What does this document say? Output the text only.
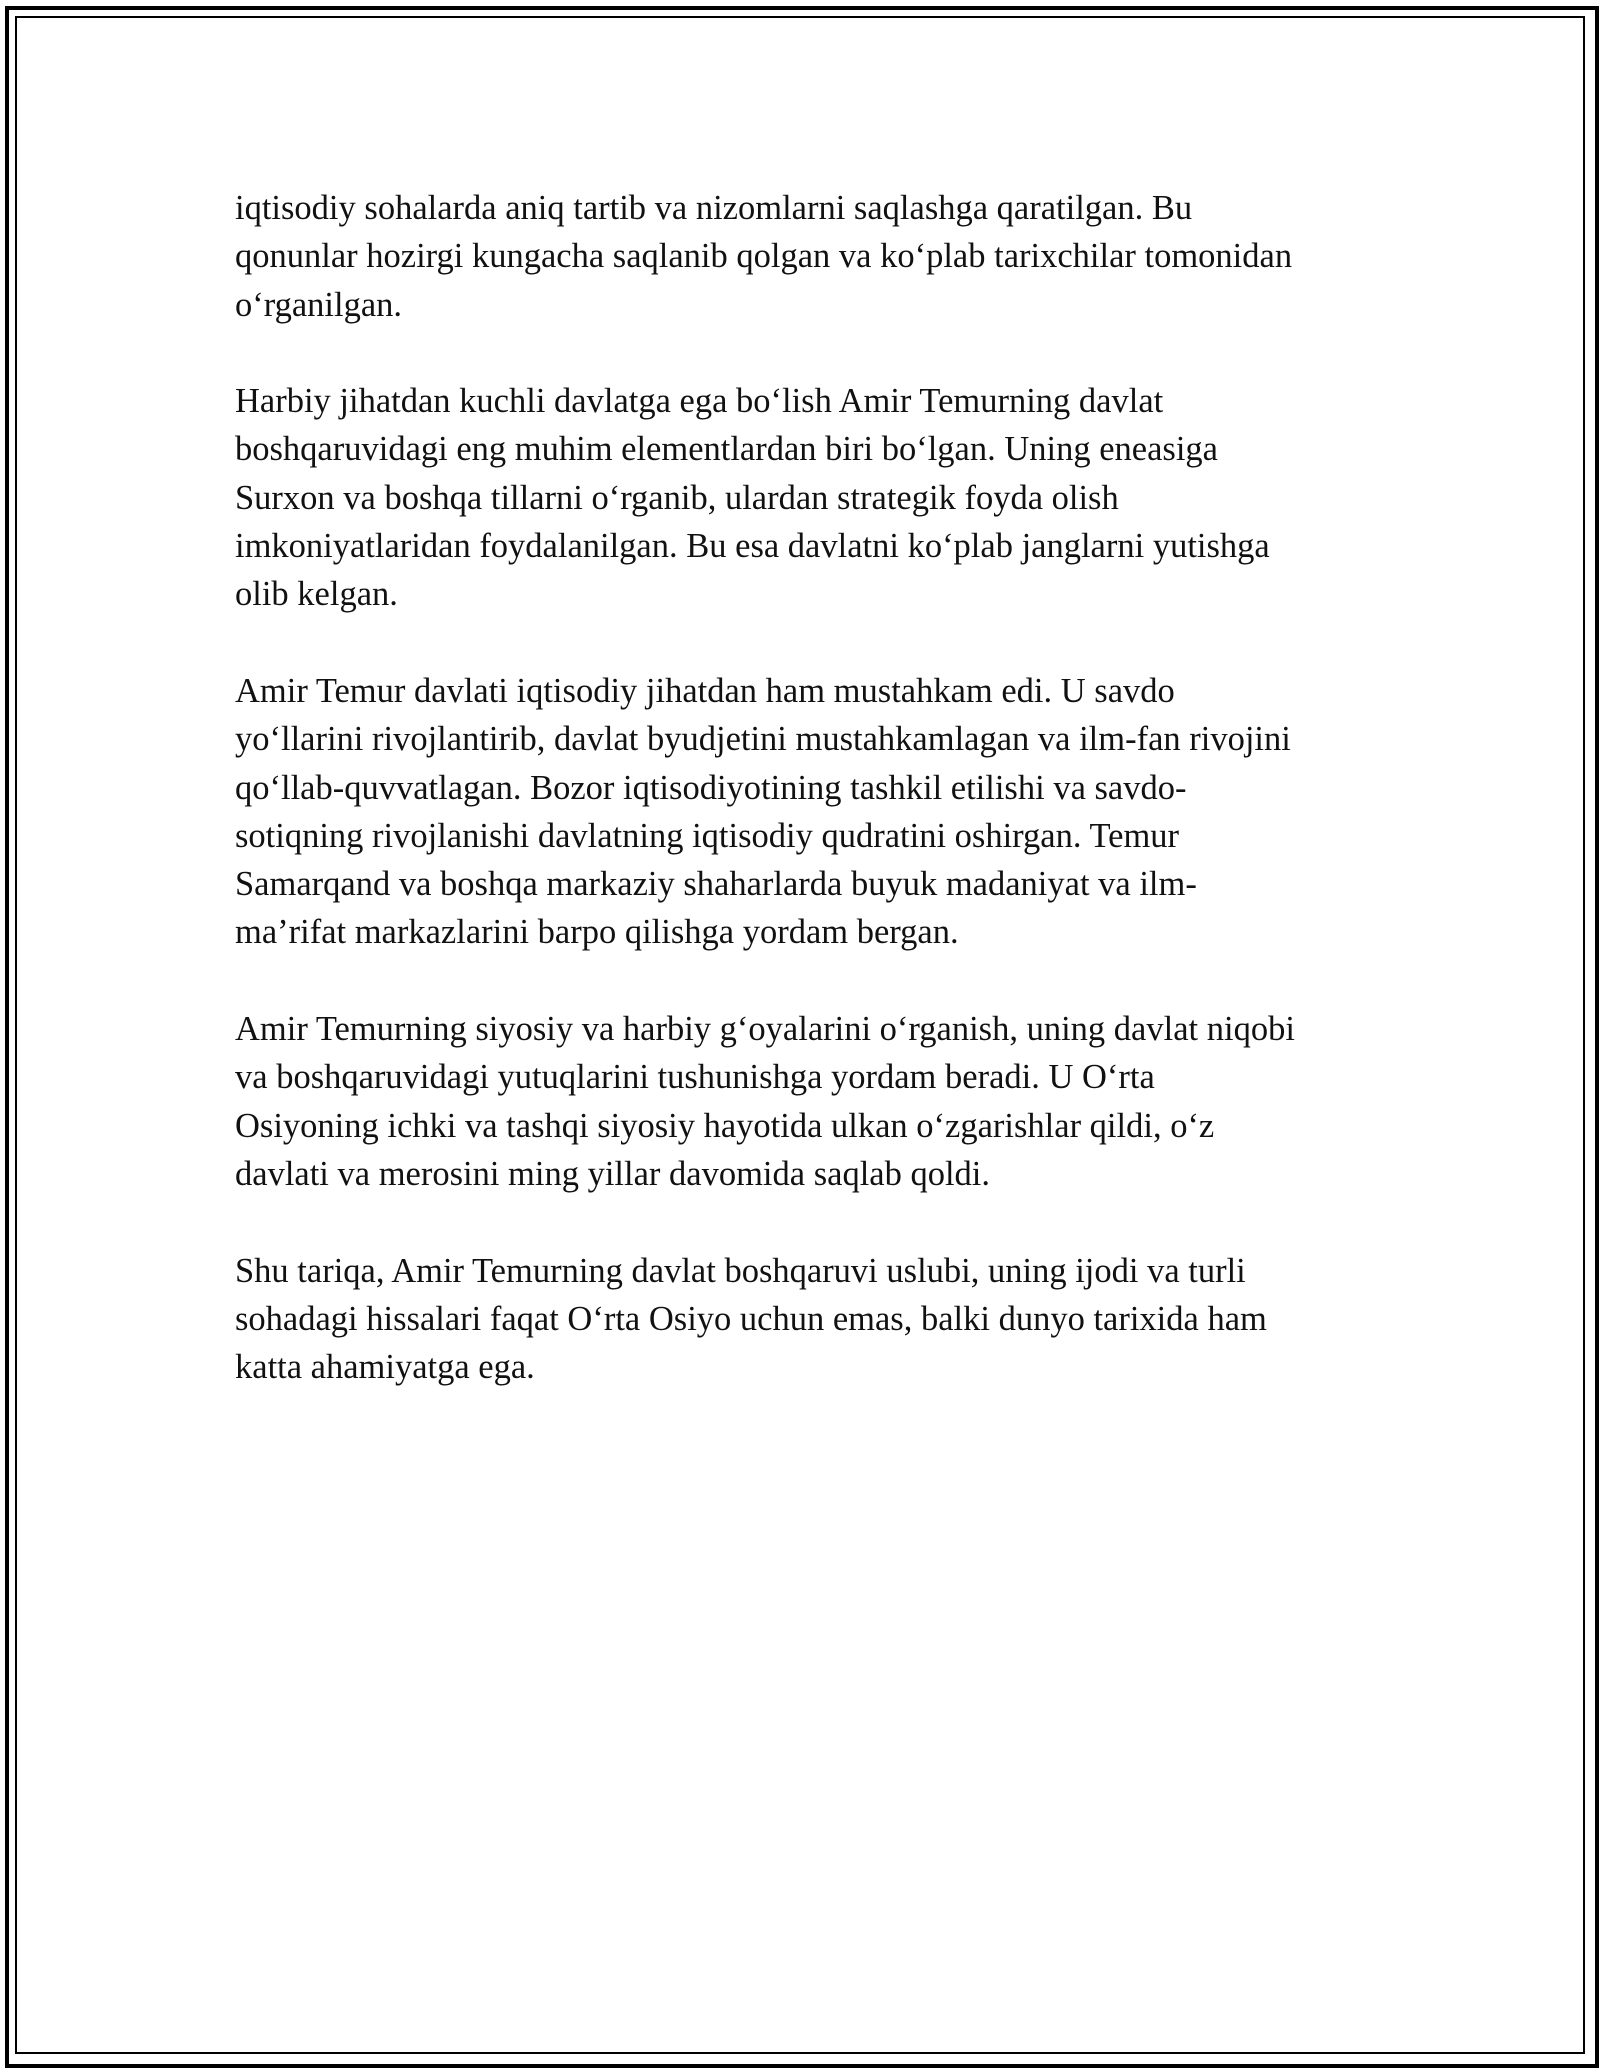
iqtisodiy sohalarda aniq tartib va nizomlarni saqlashga qaratilgan. Bu
qonunlar hozirgi kungacha saqlanib qolgan va koʻplab tarixchilar tomonidan
oʻrganilgan.

Harbiy jihatdan kuchli davlatga ega boʻlish Amir Temurning davlat
boshqaruvidagi eng muhim elementlardan biri boʻlgan. Uning eneasiga
Surxon va boshqa tillarni oʻrganib, ulardan strategik foyda olish
imkoniyatlaridan foydalanilgan. Bu esa davlatni koʻplab janglarni yutishga
olib kelgan.

Amir Temur davlati iqtisodiy jihatdan ham mustahkam edi. U savdo
yoʻllarini rivojlantirib, davlat byudjetini mustahkamlagan va ilm-fan rivojini
qoʻllab-quvvatlagan. Bozor iqtisodiyotining tashkil etilishi va savdo-
sotiqning rivojlanishi davlatning iqtisodiy qudratini oshirgan. Temur
Samarqand va boshqa markaziy shaharlarda buyuk madaniyat va ilm-
ma’rifat markazlarini barpo qilishga yordam bergan.

Amir Temurning siyosiy va harbiy gʻoyalarini oʻrganish, uning davlat niqobi
va boshqaruvidagi yutuqlarini tushunishga yordam beradi. U Oʻrta
Osiyoning ichki va tashqi siyosiy hayotida ulkan oʻzgarishlar qildi, oʻz
davlati va merosini ming yillar davomida saqlab qoldi.

Shu tariqa, Amir Temurning davlat boshqaruvi uslubi, uning ijodi va turli
sohadagi hissalari faqat Oʻrta Osiyo uchun emas, balki dunyo tarixida ham
katta ahamiyatga ega.
